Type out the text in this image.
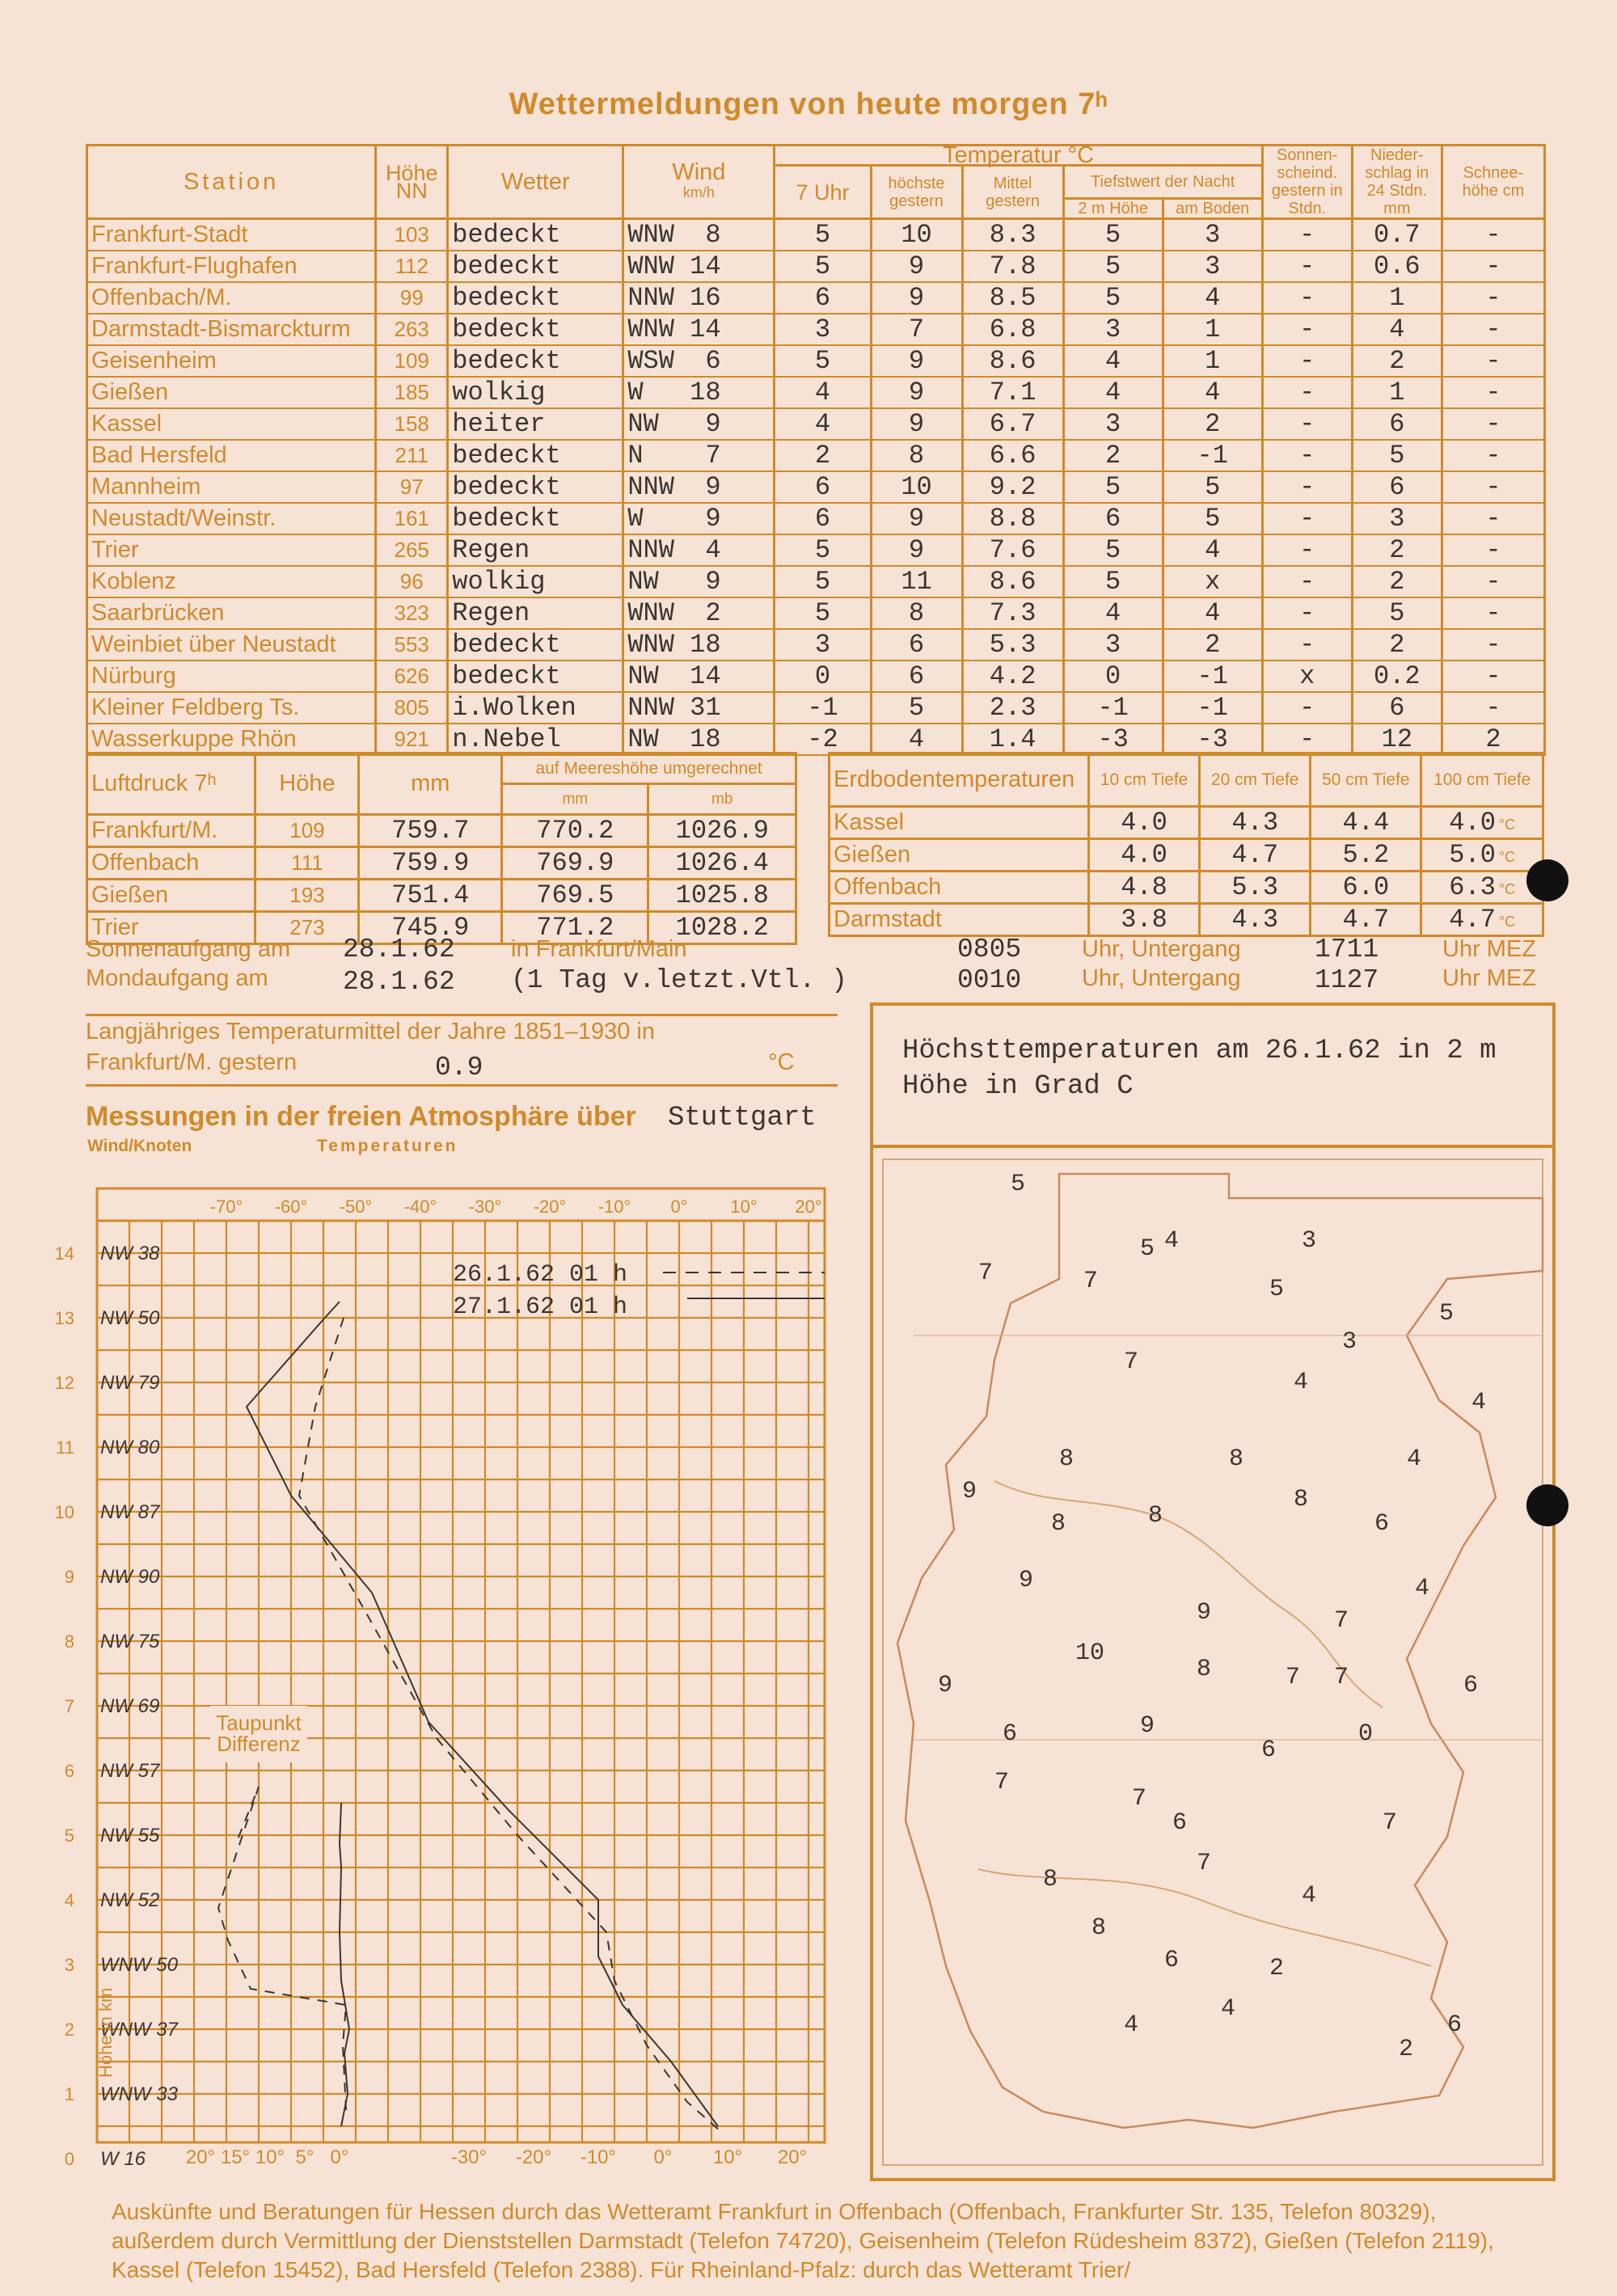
Wettermeldungen von heute morgen 7ʰ
Station	Höhe NN	Wetter	Wind
km/h	Temperatur °C					Sonnen-scheind. gestern in Stdn.	Nieder-schlag in 24 Stdn. mm	Schnee-höhe cm
				7 Uhr	höchste gestern	Mittel gestern	Tiefstwert der Nacht				
							2 m Höhe	am Boden			
Frankfurt-Stadt	103	bedeckt	WNW  8	5	10	8.3	5	3	-	0.7	-
Frankfurt-Flughafen	112	bedeckt	WNW 14	5	9	7.8	5	3	-	0.6	-
Offenbach/M.	99	bedeckt	NNW 16	6	9	8.5	5	4	-	1	-
Darmstadt-Bismarckturm	263	bedeckt	WNW 14	3	7	6.8	3	1	-	4	-
Geisenheim	109	bedeckt	WSW  6	5	9	8.6	4	1	-	2	-
Gießen	185	wolkig	W   18	4	9	7.1	4	4	-	1	-
Kassel	158	heiter	NW   9	4	9	6.7	3	2	-	6	-
Bad Hersfeld	211	bedeckt	N    7	2	8	6.6	2	-1	-	5	-
Mannheim	97	bedeckt	NNW  9	6	10	9.2	5	5	-	6	-
Neustadt/Weinstr.	161	bedeckt	W    9	6	9	8.8	6	5	-	3	-
Trier	265	Regen	NNW  4	5	9	7.6	5	4	-	2	-
Koblenz	96	wolkig	NW   9	5	11	8.6	5	x	-	2	-
Saarbrücken	323	Regen	WNW  2	5	8	7.3	4	4	-	5	-
Weinbiet über Neustadt	553	bedeckt	WNW 18	3	6	5.3	3	2	-	2	-
Nürburg	626	bedeckt	NW  14	0	6	4.2	0	-1	x	0.2	-
Kleiner Feldberg Ts.	805	i.Wolken	NNW 31	-1	5	2.3	-1	-1	-	6	-
Wasserkuppe Rhön	921	n.Nebel	NW  18	-2	4	1.4	-3	-3	-	12	2
Luftdruck 7ʰ	Höhe	mm	auf Meereshöhe umgerechnet	
			mm	mb
Frankfurt/M.	109	759.7	770.2	1026.9
Offenbach	111	759.9	769.9	1026.4
Gießen	193	751.4	769.5	1025.8
Trier	273	745.9	771.2	1028.2
Erdbodentemperaturen	10 cm Tiefe	20 cm Tiefe	50 cm Tiefe	100 cm Tiefe
Kassel	4.0	4.3	4.4	4.0 °C
Gießen	4.0	4.7	5.2	5.0 °C
Offenbach	4.8	5.3	6.0	6.3 °C
Darmstadt	3.8	4.3	4.7	4.7 °C
Sonnenaufgang am 28.1.62 in Frankfurt/Main	0805	Uhr, Untergang	1711	Uhr MEZ
Mondaufgang am	28.1.62 (1 Tag v.letzt.Vtl. )	0010	Uhr, Untergang	1127	Uhr MEZ
Langjähriges Temperaturmittel der Jahre 1851–1930 in
Frankfurt/M. gestern	0.9	°C
Messungen in der freien Atmosphäre über Stuttgart
Wind/Knoten	Temperaturen
-70° -60° -50° -40° -30° -20° -10° 0° 10° 20°
14 NW 38
13 NW 50
12 NW 79
11 NW 80
10 NW 87
9 NW 90
8 NW 75
7 NW 69
6 NW 57
5 NW 55
4 NW 52
3 WNW 50
2 WNW 37
1 WNW 33
0 W 16 20° 15° 10° 5° 0°	-30° -20° -10° 0° 10° 20°
26.1.62 01 h
27.1.62 01 h
Taupunkt
Differenz
Höhe in km
Höchsttemperaturen am 26.1.62 in 2 m Höhe in Grad C
5
5
7	7
4
5
3
7
3
4
5
4
4
8	8
9	8
8	6
8
9	4
9	7
10
9	7
8	7	6
6	9	0
6
7
7
6	7
7
8
4
8
6	2
4
4	6
2
Auskünfte und Beratungen für Hessen durch das Wetteramt Frankfurt in Offenbach (Offenbach, Frankfurter Str. 135, Telefon 80329), außerdem durch Vermittlung der Dienststellen Darmstadt (Telefon 74720), Geisenheim (Telefon Rüdesheim 8372), Gießen (Telefon 2119), Kassel (Telefon 15452), Bad Hersfeld (Telefon 2388). Für Rheinland-Pfalz: durch das Wetteramt Trier/
